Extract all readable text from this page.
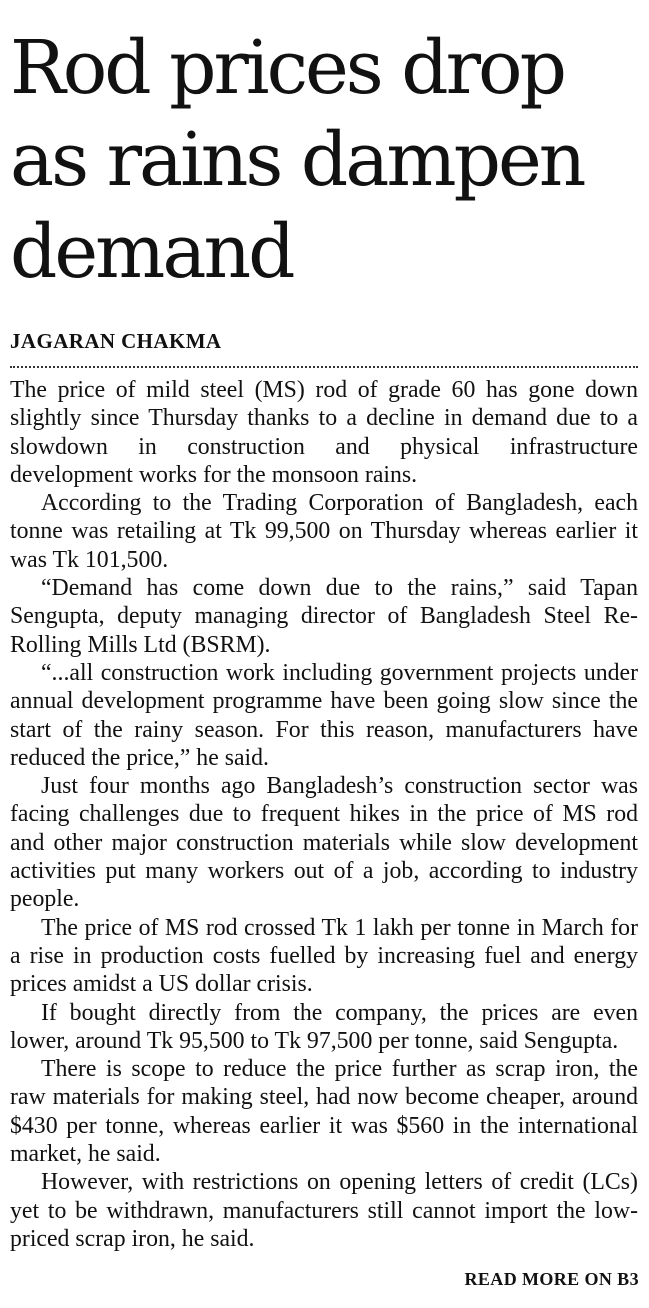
Rod prices drop
as rains dampen
demand
JAGARAN CHAKMA

The price of mild steel (MS) rod of grade 60 has gone down slightly since Thursday thanks to a decline in demand due to a slowdown in construction and physical infrastructure development works for the monsoon rains.

According to the Trading Corporation of Bangladesh, each tonne was retailing at Tk 99,500 on Thursday whereas earlier it was Tk 101,500.

“Demand has come down due to the rains,” said Tapan Sengupta, deputy managing director of Bangladesh Steel Re-Rolling Mills Ltd (BSRM).

“...all construction work including government projects under annual development programme have been going slow since the start of the rainy season. For this reason, manufacturers have reduced the price,” he said.

Just four months ago Bangladesh’s construction sector was facing challenges due to frequent hikes in the price of MS rod and other major construction materials while slow development activities put many workers out of a job, according to industry people.

The price of MS rod crossed Tk 1 lakh per tonne in March for a rise in production costs fuelled by increasing fuel and energy prices amidst a US dollar crisis.

If bought directly from the company, the prices are even lower, around Tk 95,500 to Tk 97,500 per tonne, said Sengupta.

There is scope to reduce the price further as scrap iron, the raw materials for making steel, had now become cheaper, around $430 per tonne, whereas earlier it was $560 in the international market, he said.

However, with restrictions on opening letters of credit (LCs) yet to be withdrawn, manufacturers still cannot import the low-priced scrap iron, he said.

READ MORE ON B3
